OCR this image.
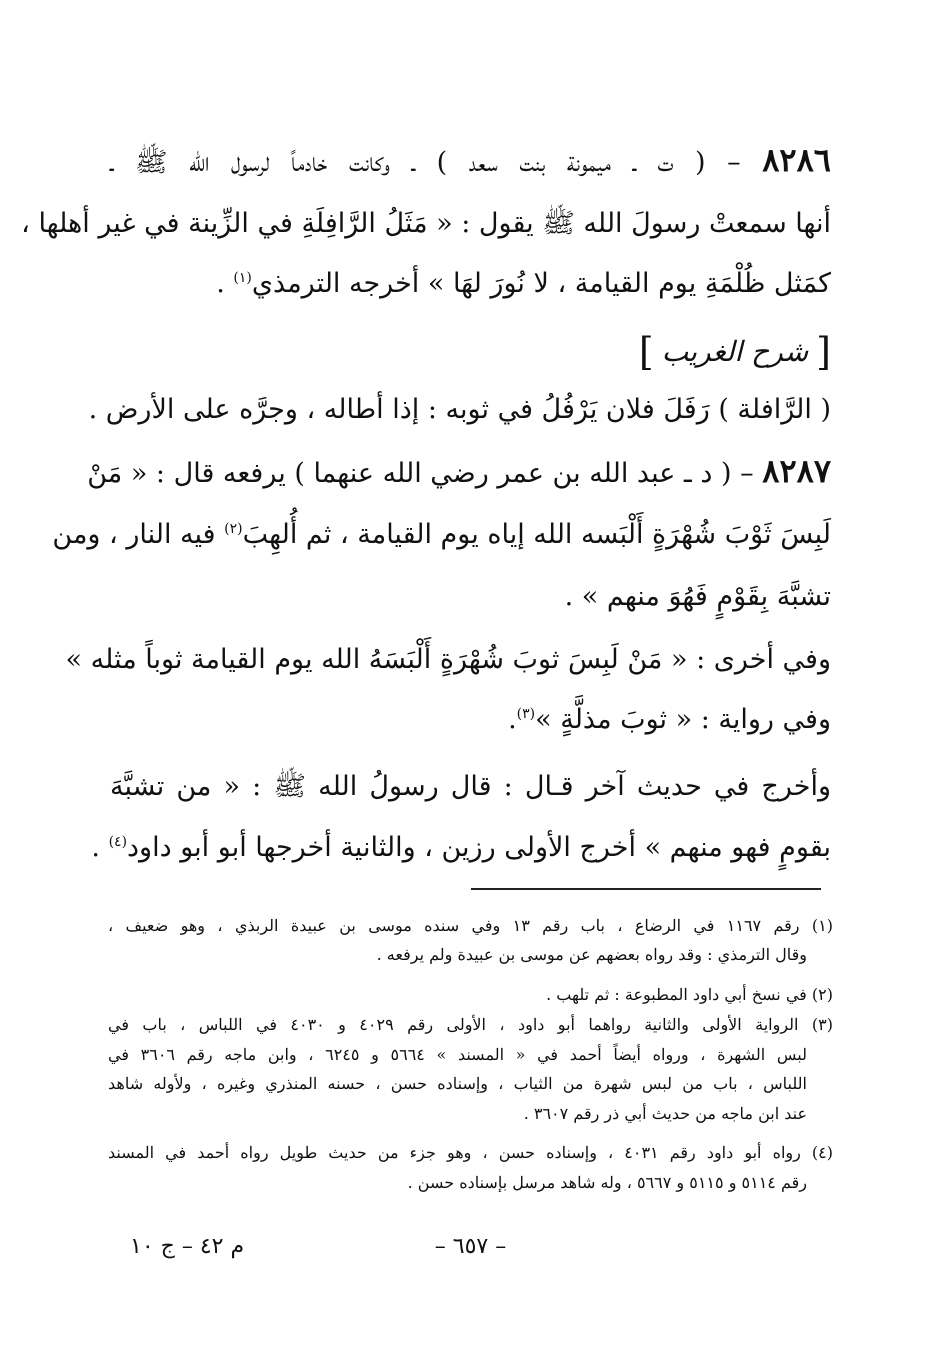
٨٢٨٦ – ( ت ـ ميمونة بنت سعد ) ـ وكانت خادماً لرسول الله ﷺ ـ
أنها سمعتْ رسولَ الله ﷺ يقول : « مَثَلُ الرَّافِلَةِ في الزِّينة في غير أهلها ،
كمَثل ظُلْمَةِ يوم القيامة ، لا نُورَ لهَا » أخرجه الترمذي$^{(١)}$ .
[شرح الغريب]
( الرَّافلة ) رَفَلَ فلان يَرْفُلُ في ثوبه : إذا أطاله ، وجرَّه على الأرض .
٨٢٨٧ – ( د ـ عبد الله بن عمر رضي الله عنهما ) يرفعه قال : « مَنْ
لَبِسَ ثَوْبَ شُهْرَةٍ أَلْبَسه الله إياه يوم القيامة ، ثم أُلهِبَ$^{(٢)}$ فيه النار ، ومن
تشبَّهَ بِقَوْمٍ فَهُوَ منهم » .
وفي أخرى : « مَنْ لَبِسَ ثوبَ شُهْرَةٍ أَلْبَسَهُ الله يوم القيامة ثوباً مثله »
وفي رواية : « ثوبَ مذلَّةٍ »$^{(٣)}$.
وأخرج في حديث آخر قـال : قال رسولُ الله ﷺ : « من تشبَّهَ
بقومٍ فهو منهم » أخرج الأولى رزين ، والثانية أخرجها أبو أبو داود$^{(٤)}$ .
(١) رقم ١١٦٧ في الرضاع ، باب رقم ١٣ وفي سنده موسى بن عبيدة الربذي ، وهو ضعيف ،
وقال الترمذي : وقد رواه بعضهم عن موسى بن عبيدة ولم يرفعه .
(٢) في نسخ أبي داود المطبوعة : ثم تلهب .
(٣) الرواية الأولى والثانية رواهما أبو داود ، الأولى رقم ٤٠٢٩ و ٤٠٣٠ في اللباس ، باب في
لبس الشهرة ، ورواه أيضاً أحمد في « المسند » ٥٦٦٤ و ٦٢٤٥ ، وابن ماجه رقم ٣٦٠٦ في
اللباس ، باب من لبس شهرة من الثياب ، وإسناده حسن ، حسنه المنذري وغيره ، ولأوله شاهد
عند ابن ماجه من حديث أبي ذر رقم ٣٦٠٧ .
(٤) رواه أبو داود رقم ٤٠٣١ ، وإسناده حسن ، وهو جزء من حديث طويل رواه أحمد في المسند
رقم ٥١١٤ و ٥١١٥ و ٥٦٦٧ ، وله شاهد مرسل بإسناده حسن .
– ٦٥٧ –
م ٤٢ – ج ١٠
